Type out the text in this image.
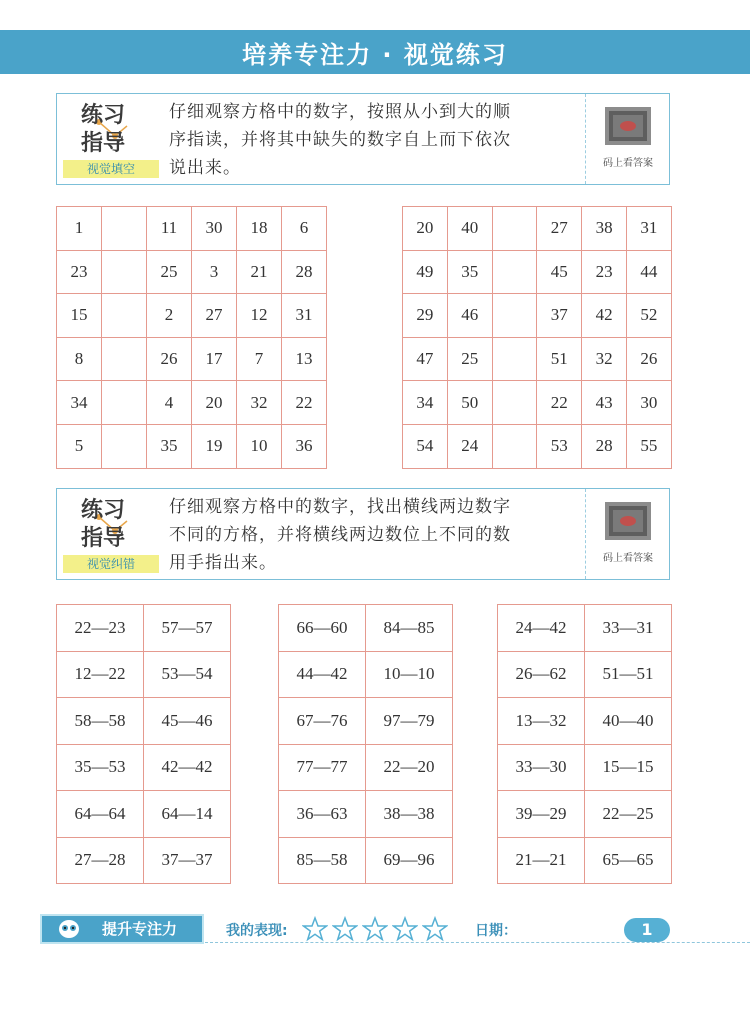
培养专注力 · 视觉练习
练习
指导
视觉填空
仔细观察方格中的数字，按照从小到大的顺
序指读，并将其中缺失的数字自上而下依次
说出来。	码上看答案
1		11	30	18	6
23		25	3	21	28
15		2	27	12	31
8		26	17	7	13
34		4	20	32	22
5		35	19	10	36
20	40		27	38	31
49	35		45	23	44
29	46		37	42	52
47	25		51	32	26
34	50		22	43	30
54	24		53	28	55
练习
指导
视觉纠错
仔细观察方格中的数字，找出横线两边数字
不同的方格，并将横线两边数位上不同的数
用手指出来。	码上看答案
22—23	57—57
12—22	53—54
58—58	45—46
35—53	42—42
64—64	64—14
27—28	37—37
66—60	84—85
44—42	10—10
67—76	97—79
77—77	22—20
36—63	38—38
85—58	69—96
24—42	33—31
26—62	51—51
13—32	40—40
33—30	15—15
39—29	22—25
21—21	65—65
提升专注力	我的表现:	日期：	1
